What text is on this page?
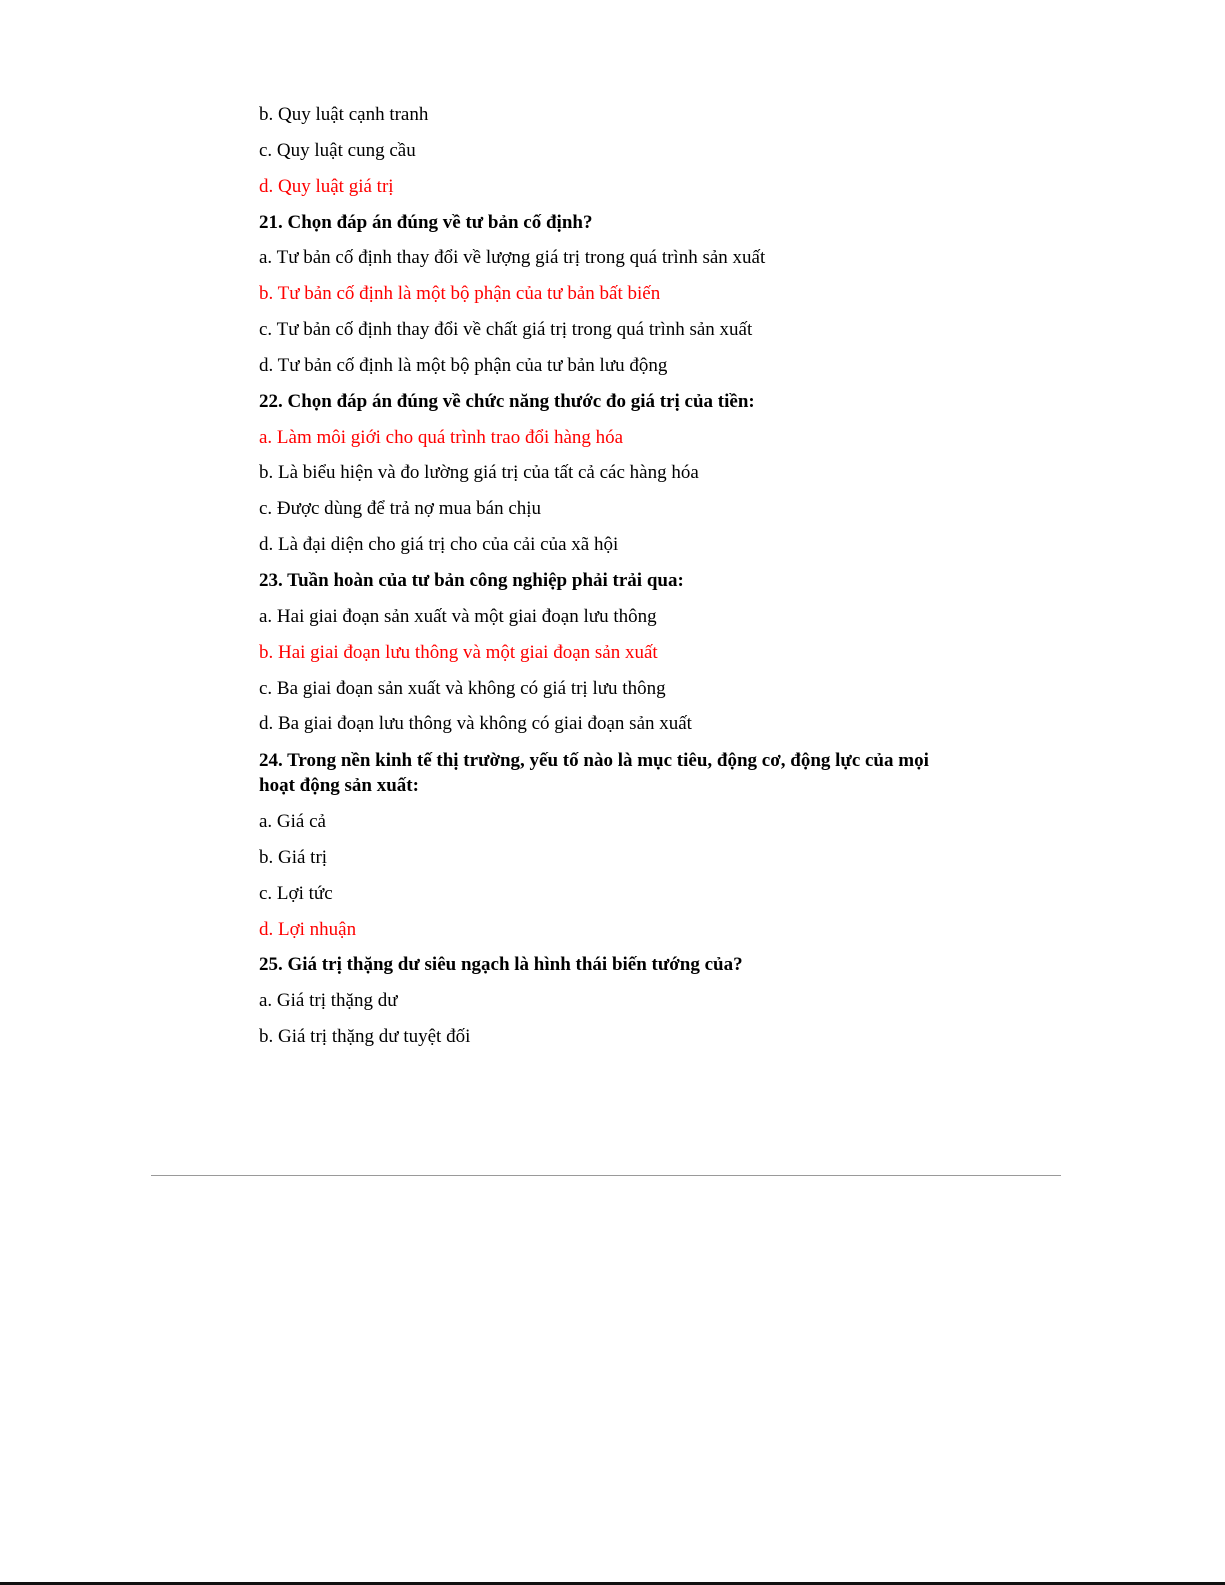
b. Quy luật cạnh tranh

c. Quy luật cung cầu

d. Quy luật giá trị

21. Chọn đáp án đúng về tư bản cố định?

a. Tư bản cố định thay đổi về lượng giá trị trong quá trình sản xuất

b. Tư bản cố định là một bộ phận của tư bản bất biến

c. Tư bản cố định thay đổi về chất giá trị trong quá trình sản xuất

d. Tư bản cố định là một bộ phận của tư bản lưu động

22. Chọn đáp án đúng về chức năng thước đo giá trị của tiền:

a. Làm môi giới cho quá trình trao đổi hàng hóa

b. Là biểu hiện và đo lường giá trị của tất cả các hàng hóa

c. Được dùng để trả nợ mua bán chịu

d. Là đại diện cho giá trị cho của cải của xã hội

23. Tuần hoàn của tư bản công nghiệp phải trải qua:

a. Hai giai đoạn sản xuất và một giai đoạn lưu thông

b. Hai giai đoạn lưu thông và một giai đoạn sản xuất

c. Ba giai đoạn sản xuất và không có giá trị lưu thông

d. Ba giai đoạn lưu thông và không có giai đoạn sản xuất

24. Trong nền kinh tế thị trường, yếu tố nào là mục tiêu, động cơ, động lực của mọi hoạt động sản xuất:

a. Giá cả

b. Giá trị

c. Lợi tức

d. Lợi nhuận

25. Giá trị thặng dư siêu ngạch là hình thái biến tướng của?

a. Giá trị thặng dư

b. Giá trị thặng dư tuyệt đối
